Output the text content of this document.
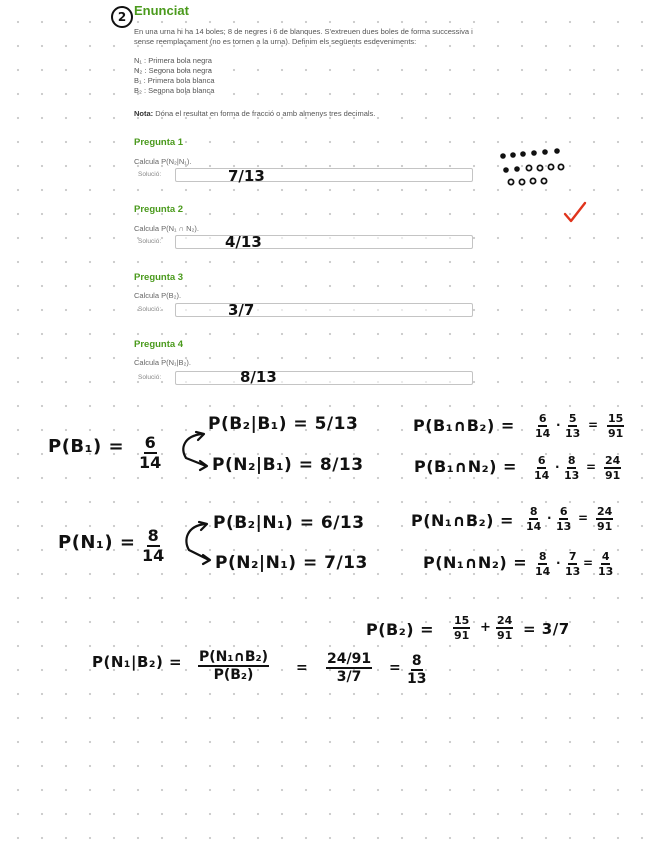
2 Enunciat
En una urna hi ha 14 boles; 8 de negres i 6 de blanques. S'extreuen dues boles de forma successiva i sense reemplaçament (no es tornen a la urna). Definim els següents esdeveniments:
N₁ : Primera bola negra
N₂ : Segona bola negra
B₁ : Primera bola blanca
B₂ : Segona bola blanca
Nota: Dóna el resultat en forma de fracció o amb almenys tres decimals.
Pregunta 1
Calcula P(N₂|N₁).
Solució:	7/13
Pregunta 2
Calcula P(N₁ ∩ N₂).
Solució:	4/13
Pregunta 3
Calcula P(B₂).
Solució:	3/7
Pregunta 4
Calcula P(N₁|B₂).
Solució:	8/13
$P(B_1) = \frac{6}{14}$
P(B₂|B₁) = 5/13
P(N₂|B₁) = 8/13
P(B₁∩B₂) = $\frac{6}{14} \cdot \frac{5}{13} = \frac{15}{91}$
P(B₁∩N₂) = $\frac{6}{14} \cdot \frac{8}{13} = \frac{24}{91}$
$P(N_1) = \frac{8}{14}$
P(B₂|N₁) = 6/13
P(N₂|N₁) = 7/13
P(N₁∩B₂) = $\frac{8}{14} \cdot \frac{6}{13} = \frac{24}{91}$
P(N₁∩N₂) = $\frac{8}{14} \cdot \frac{7}{13} = \frac{4}{13}$
$P(B_2) = \frac{15}{91} + \frac{24}{91} = 3/7$
$P(N_1|B_2) = \frac{\text{P(N₁∩B₂)}}{\text{P(B₂)}} = \frac{24/91}{3/7} = \frac{8}{13}$
